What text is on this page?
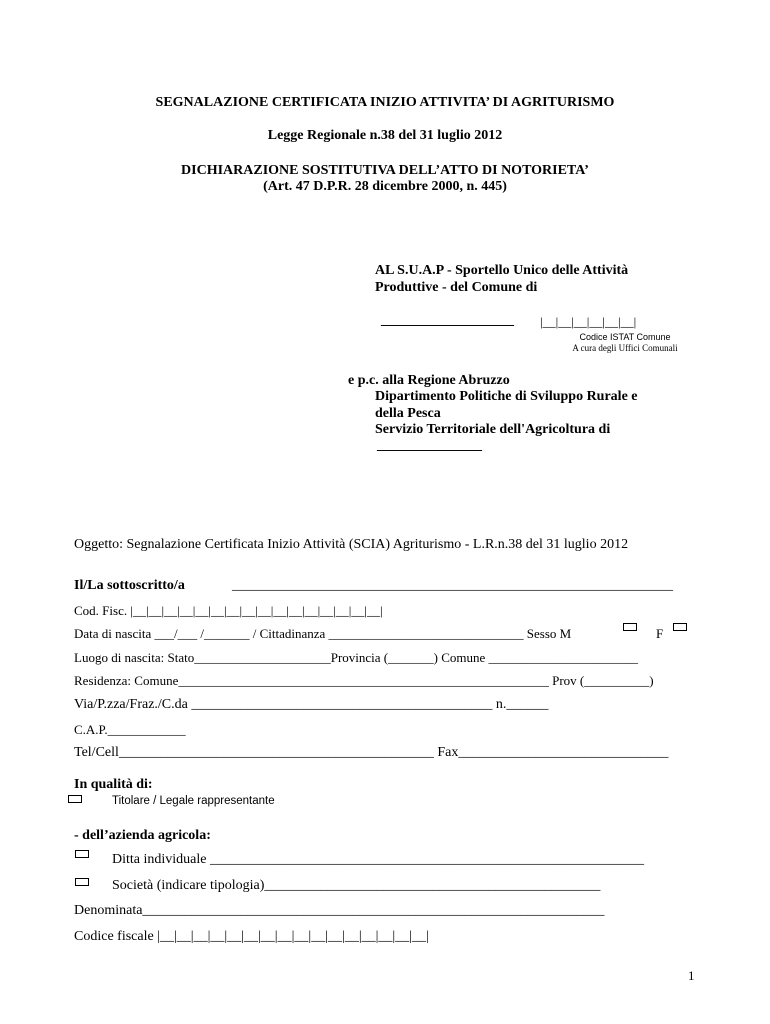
SEGNALAZIONE CERTIFICATA INIZIO ATTIVITA’ DI AGRITURISMO
Legge Regionale n.38 del 31 luglio 2012
DICHIARAZIONE SOSTITUTIVA DELL’ATTO DI NOTORIETA’
(Art. 47 D.P.R. 28 dicembre 2000, n. 445)
AL S.U.A.P - Sportello Unico delle Attività
Produttive - del Comune di
___________________ |__|__|__|__|__|__|
Codice ISTAT Comune
A cura degli Uffici Comunali
e p.c. alla Regione Abruzzo
Dipartimento Politiche di Sviluppo Rurale e
della Pesca
Servizio Territoriale dell'Agricoltura di
_______________
Oggetto: Segnalazione Certificata Inizio Attività (SCIA) Agriturismo - L.R.n.38 del 31 luglio 2012
Il/La sottoscritto/a	_______________________________________________________________
Cod. Fisc. |__|__|__|__|__|__|__|__|__|__|__|__|__|__|__|__|
Data di nascita ___/___ /_______ / Cittadinanza ______________________________ Sesso M	F
Luogo di nascita: Stato_____________________Provincia (_______) Comune _______________________
Residenza: Comune_________________________________________________________ Prov (__________)
Via/P.zza/Fraz./C.da ___________________________________________ n.______
C.A.P.____________
Tel/Cell_____________________________________________ Fax______________________________
In qualità di:
Titolare / Legale rappresentante
- dell’azienda agricola:
Ditta individuale ______________________________________________________________
Società (indicare tipologia)________________________________________________
Denominata__________________________________________________________________
Codice fiscale |__|__|__|__|__|__|__|__|__|__|__|__|__|__|__|__|
1
